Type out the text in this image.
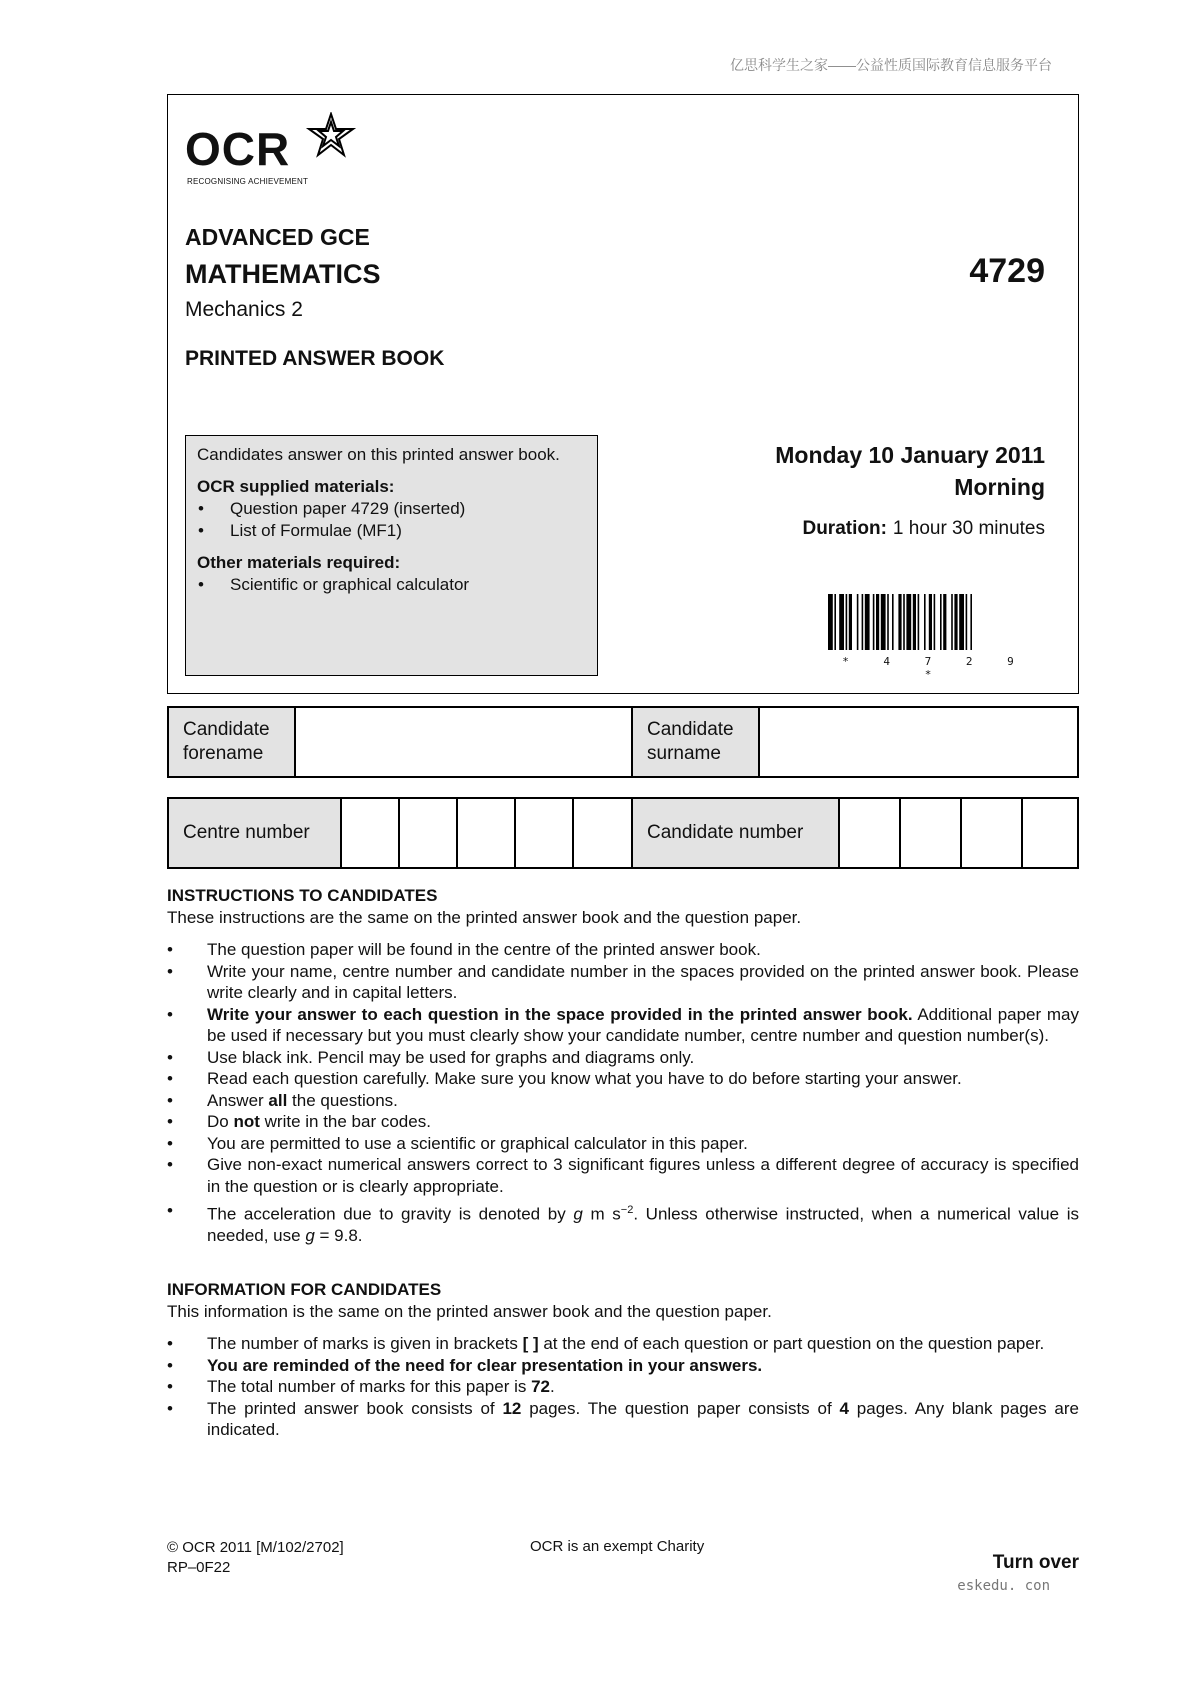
亿思科学生之家——公益性质国际教育信息服务平台
OCR
RECOGNISING ACHIEVEMENT
ADVANCED GCE
MATHEMATICS
Mechanics 2
4729
PRINTED ANSWER BOOK
Candidates answer on this printed answer book.
OCR supplied materials:
• Question paper 4729 (inserted)
• List of Formulae (MF1)
Other materials required:
• Scientific or graphical calculator
Monday 10 January 2011
Morning
Duration: 1 hour 30 minutes
* 4 7 2 9 *
Candidate
forename
Candidate
surname
Centre number	Candidate number
INSTRUCTIONS TO CANDIDATES
These instructions are the same on the printed answer book and the question paper.
• The question paper will be found in the centre of the printed answer book.
• Write your name, centre number and candidate number in the spaces provided on the printed answer book. Please write clearly and in capital letters.
• Write your answer to each question in the space provided in the printed answer book. Additional paper may be used if necessary but you must clearly show your candidate number, centre number and question number(s).
• Use black ink. Pencil may be used for graphs and diagrams only.
• Read each question carefully. Make sure you know what you have to do before starting your answer.
• Answer all the questions.
• Do not write in the bar codes.
• You are permitted to use a scientific or graphical calculator in this paper.
• Give non-exact numerical answers correct to 3 significant figures unless a different degree of accuracy is specified in the question or is clearly appropriate.
• The acceleration due to gravity is denoted by g m $s^{-2}$. Unless otherwise instructed, when a numerical value is needed, use g = 9.8.
INFORMATION FOR CANDIDATES
This information is the same on the printed answer book and the question paper.
• The number of marks is given in brackets [ ] at the end of each question or part question on the question paper.
• You are reminded of the need for clear presentation in your answers.
• The total number of marks for this paper is 72.
• The printed answer book consists of 12 pages. The question paper consists of 4 pages. Any blank pages are indicated.
© OCR 2011 [M/102/2702]
RP–0F22
OCR is an exempt Charity
Turn over
eskedu. con
